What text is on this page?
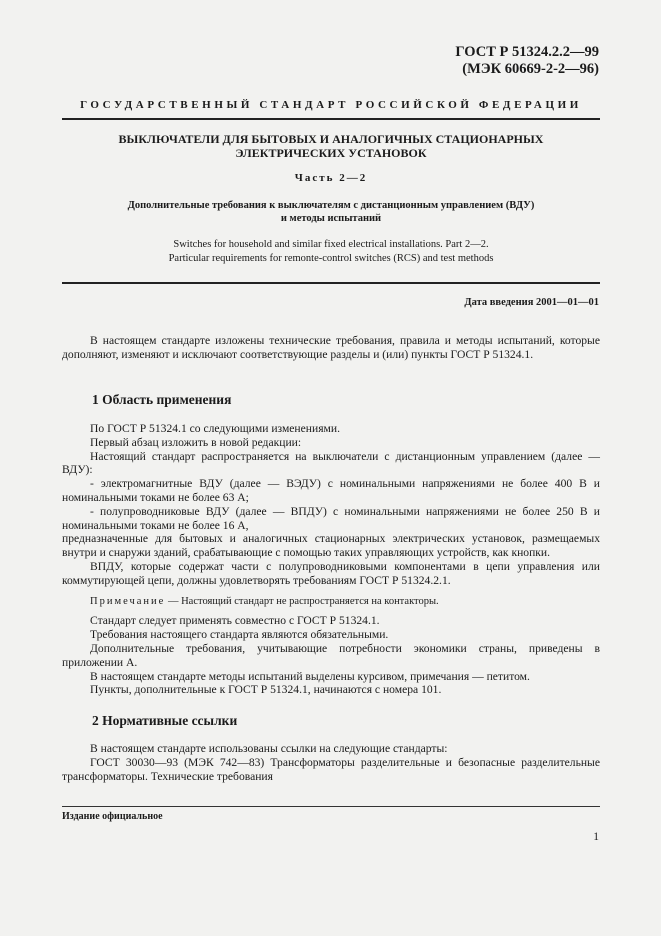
ГОСТ Р 51324.2.2—99
(МЭК 60669-2-2—96)
ГОСУДАРСТВЕННЫЙ СТАНДАРТ РОССИЙСКОЙ ФЕДЕРАЦИИ
ВЫКЛЮЧАТЕЛИ ДЛЯ БЫТОВЫХ И АНАЛОГИЧНЫХ СТАЦИОНАРНЫХ
ЭЛЕКТРИЧЕСКИХ УСТАНОВОК
Часть 2—2
Дополнительные требования к выключателям с дистанционным управлением (ВДУ)
и методы испытаний
Switches for household and similar fixed electrical installations. Part 2—2.
Particular requirements for remonte-control switches (RCS) and test methods
Дата введения 2001—01—01

В настоящем стандарте изложены технические требования, правила и методы испытаний, которые дополняют, изменяют и исключают соответствующие разделы и (или) пункты ГОСТ Р 51324.1.

1 Область применения

По ГОСТ Р 51324.1 со следующими изменениями.

Первый абзац изложить в новой редакции:

Настоящий стандарт распространяется на выключатели с дистанционным управлением (далее — ВДУ):

- электромагнитные ВДУ (далее — ВЭДУ) с номинальными напряжениями не более 400 В и номинальными токами не более 63 А;

- полупроводниковые ВДУ (далее — ВПДУ) с номинальными напряжениями не более 250 В и номинальными токами не более 16 А,

предназначенные для бытовых и аналогичных стационарных электрических установок, размещаемых внутри и снаружи зданий, срабатывающие с помощью таких управляющих устройств, как кнопки.

ВПДУ, которые содержат части с полупроводниковыми компонентами в цепи управления или коммутирующей цепи, должны удовлетворять требованиям ГОСТ Р 51324.2.1.

Примечание — Настоящий стандарт не распространяется на контакторы.

Стандарт следует применять совместно с ГОСТ Р 51324.1.

Требования настоящего стандарта являются обязательными.

Дополнительные требования, учитывающие потребности экономики страны, приведены в приложении А.

В настоящем стандарте методы испытаний выделены курсивом, примечания — петитом.

Пункты, дополнительные к ГОСТ Р 51324.1, начинаются с номера 101.

2 Нормативные ссылки

В настоящем стандарте использованы ссылки на следующие стандарты:

ГОСТ 30030—93 (МЭК 742—83) Трансформаторы разделительные и безопасные разделительные трансформаторы. Технические требования

Издание официальное
1
